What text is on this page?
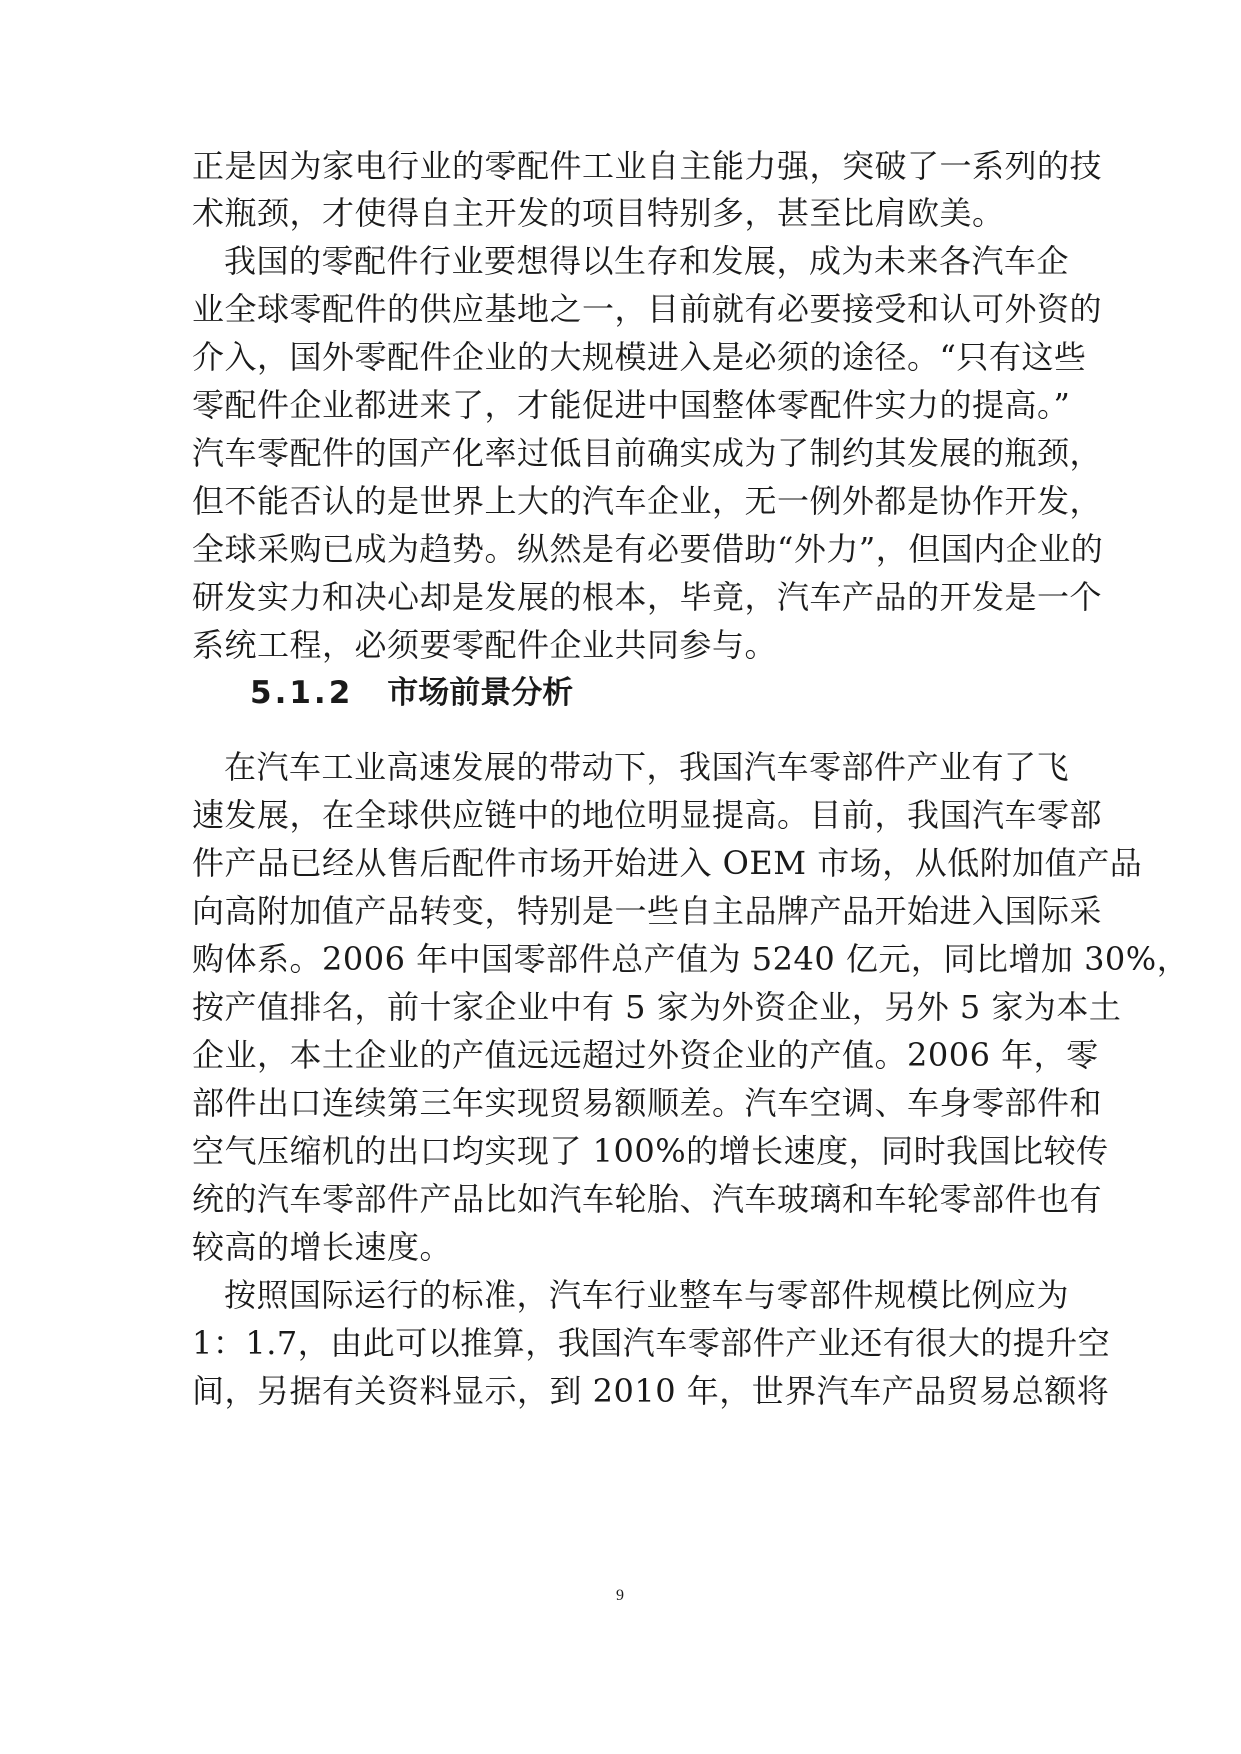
正是因为家电行业的零配件工业自主能力强，突破了一系列的技
术瓶颈，才使得自主开发的项目特别多，甚至比肩欧美。
我国的零配件行业要想得以生存和发展，成为未来各汽车企
业全球零配件的供应基地之一，目前就有必要接受和认可外资的
介入，国外零配件企业的大规模进入是必须的途径。“只有这些
零配件企业都进来了，才能促进中国整体零配件实力的提高。”
汽车零配件的国产化率过低目前确实成为了制约其发展的瓶颈，
但不能否认的是世界上大的汽车企业，无一例外都是协作开发，
全球采购已成为趋势。纵然是有必要借助“外力”，但国内企业的
研发实力和决心却是发展的根本，毕竟，汽车产品的开发是一个
系统工程，必须要零配件企业共同参与。
5.1.2 市场前景分析
在汽车工业高速发展的带动下，我国汽车零部件产业有了飞
速发展，在全球供应链中的地位明显提高。目前，我国汽车零部
件产品已经从售后配件市场开始进入 OEM 市场，从低附加值产品
向高附加值产品转变，特别是一些自主品牌产品开始进入国际采
购体系。2006 年中国零部件总产值为 5240 亿元，同比增加 30%，
按产值排名，前十家企业中有 5 家为外资企业，另外 5 家为本土
企业，本土企业的产值远远超过外资企业的产值。2006 年，零
部件出口连续第三年实现贸易额顺差。汽车空调、车身零部件和
空气压缩机的出口均实现了 100%的增长速度，同时我国比较传
统的汽车零部件产品比如汽车轮胎、汽车玻璃和车轮零部件也有
较高的增长速度。
按照国际运行的标准，汽车行业整车与零部件规模比例应为
1：1.7，由此可以推算，我国汽车零部件产业还有很大的提升空
间，另据有关资料显示，到 2010 年，世界汽车产品贸易总额将
9
